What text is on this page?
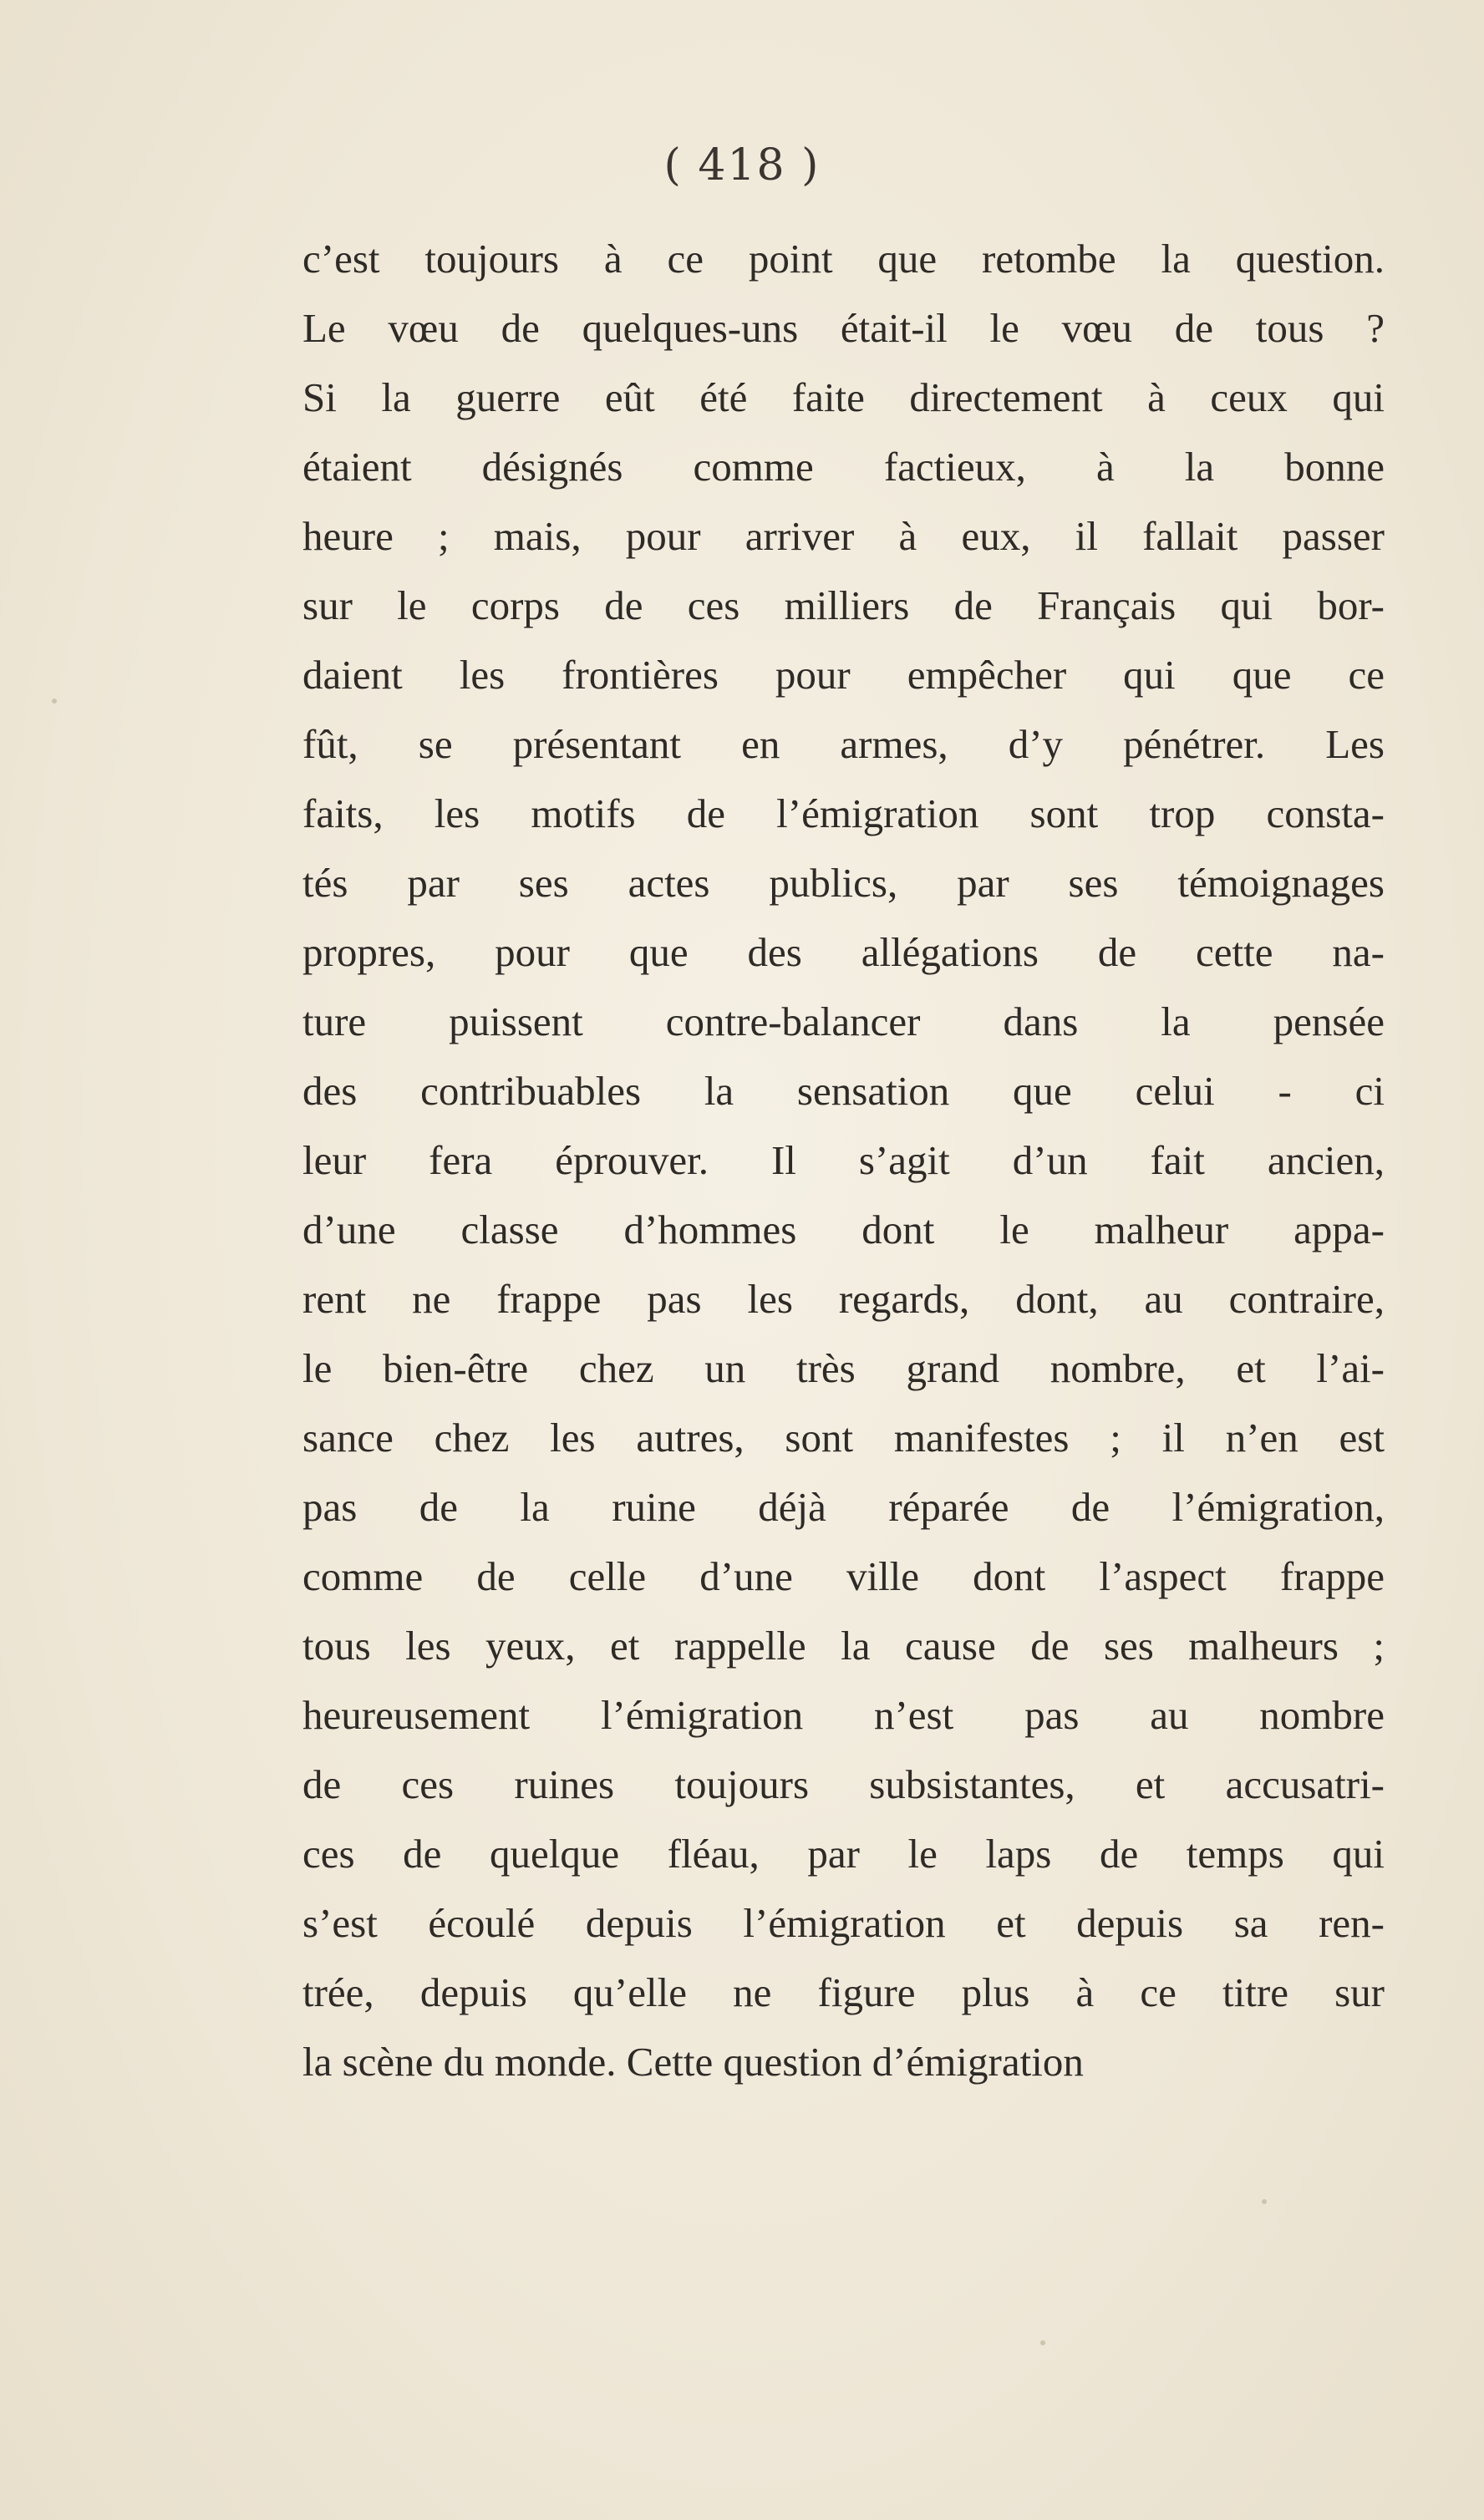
( 418 )
c’est toujours à ce point que retombe la question.
Le vœu de quelques-uns était-il le vœu de tous ?
Si la guerre eût été faite directement à ceux qui
étaient désignés comme factieux, à la bonne
heure ; mais, pour arriver à eux, il fallait passer
sur le corps de ces milliers de Français qui bor-
daient les frontières pour empêcher qui que ce
fût, se présentant en armes, d’y pénétrer. Les
faits, les motifs de l’émigration sont trop consta-
tés par ses actes publics, par ses témoignages
propres, pour que des allégations de cette na-
ture puissent contre-balancer dans la pensée
des contribuables la sensation que celui - ci
leur fera éprouver. Il s’agit d’un fait ancien,
d’une classe d’hommes dont le malheur appa-
rent ne frappe pas les regards, dont, au contraire,
le bien-être chez un très grand nombre, et l’ai-
sance chez les autres, sont manifestes ; il n’en est
pas de la ruine déjà réparée de l’émigration,
comme de celle d’une ville dont l’aspect frappe
tous les yeux, et rappelle la cause de ses malheurs ;
heureusement l’émigration n’est pas au nombre
de ces ruines toujours subsistantes, et accusatri-
ces de quelque fléau, par le laps de temps qui
s’est écoulé depuis l’émigration et depuis sa ren-
trée, depuis qu’elle ne figure plus à ce titre sur
la scène du monde. Cette question d’émigration
